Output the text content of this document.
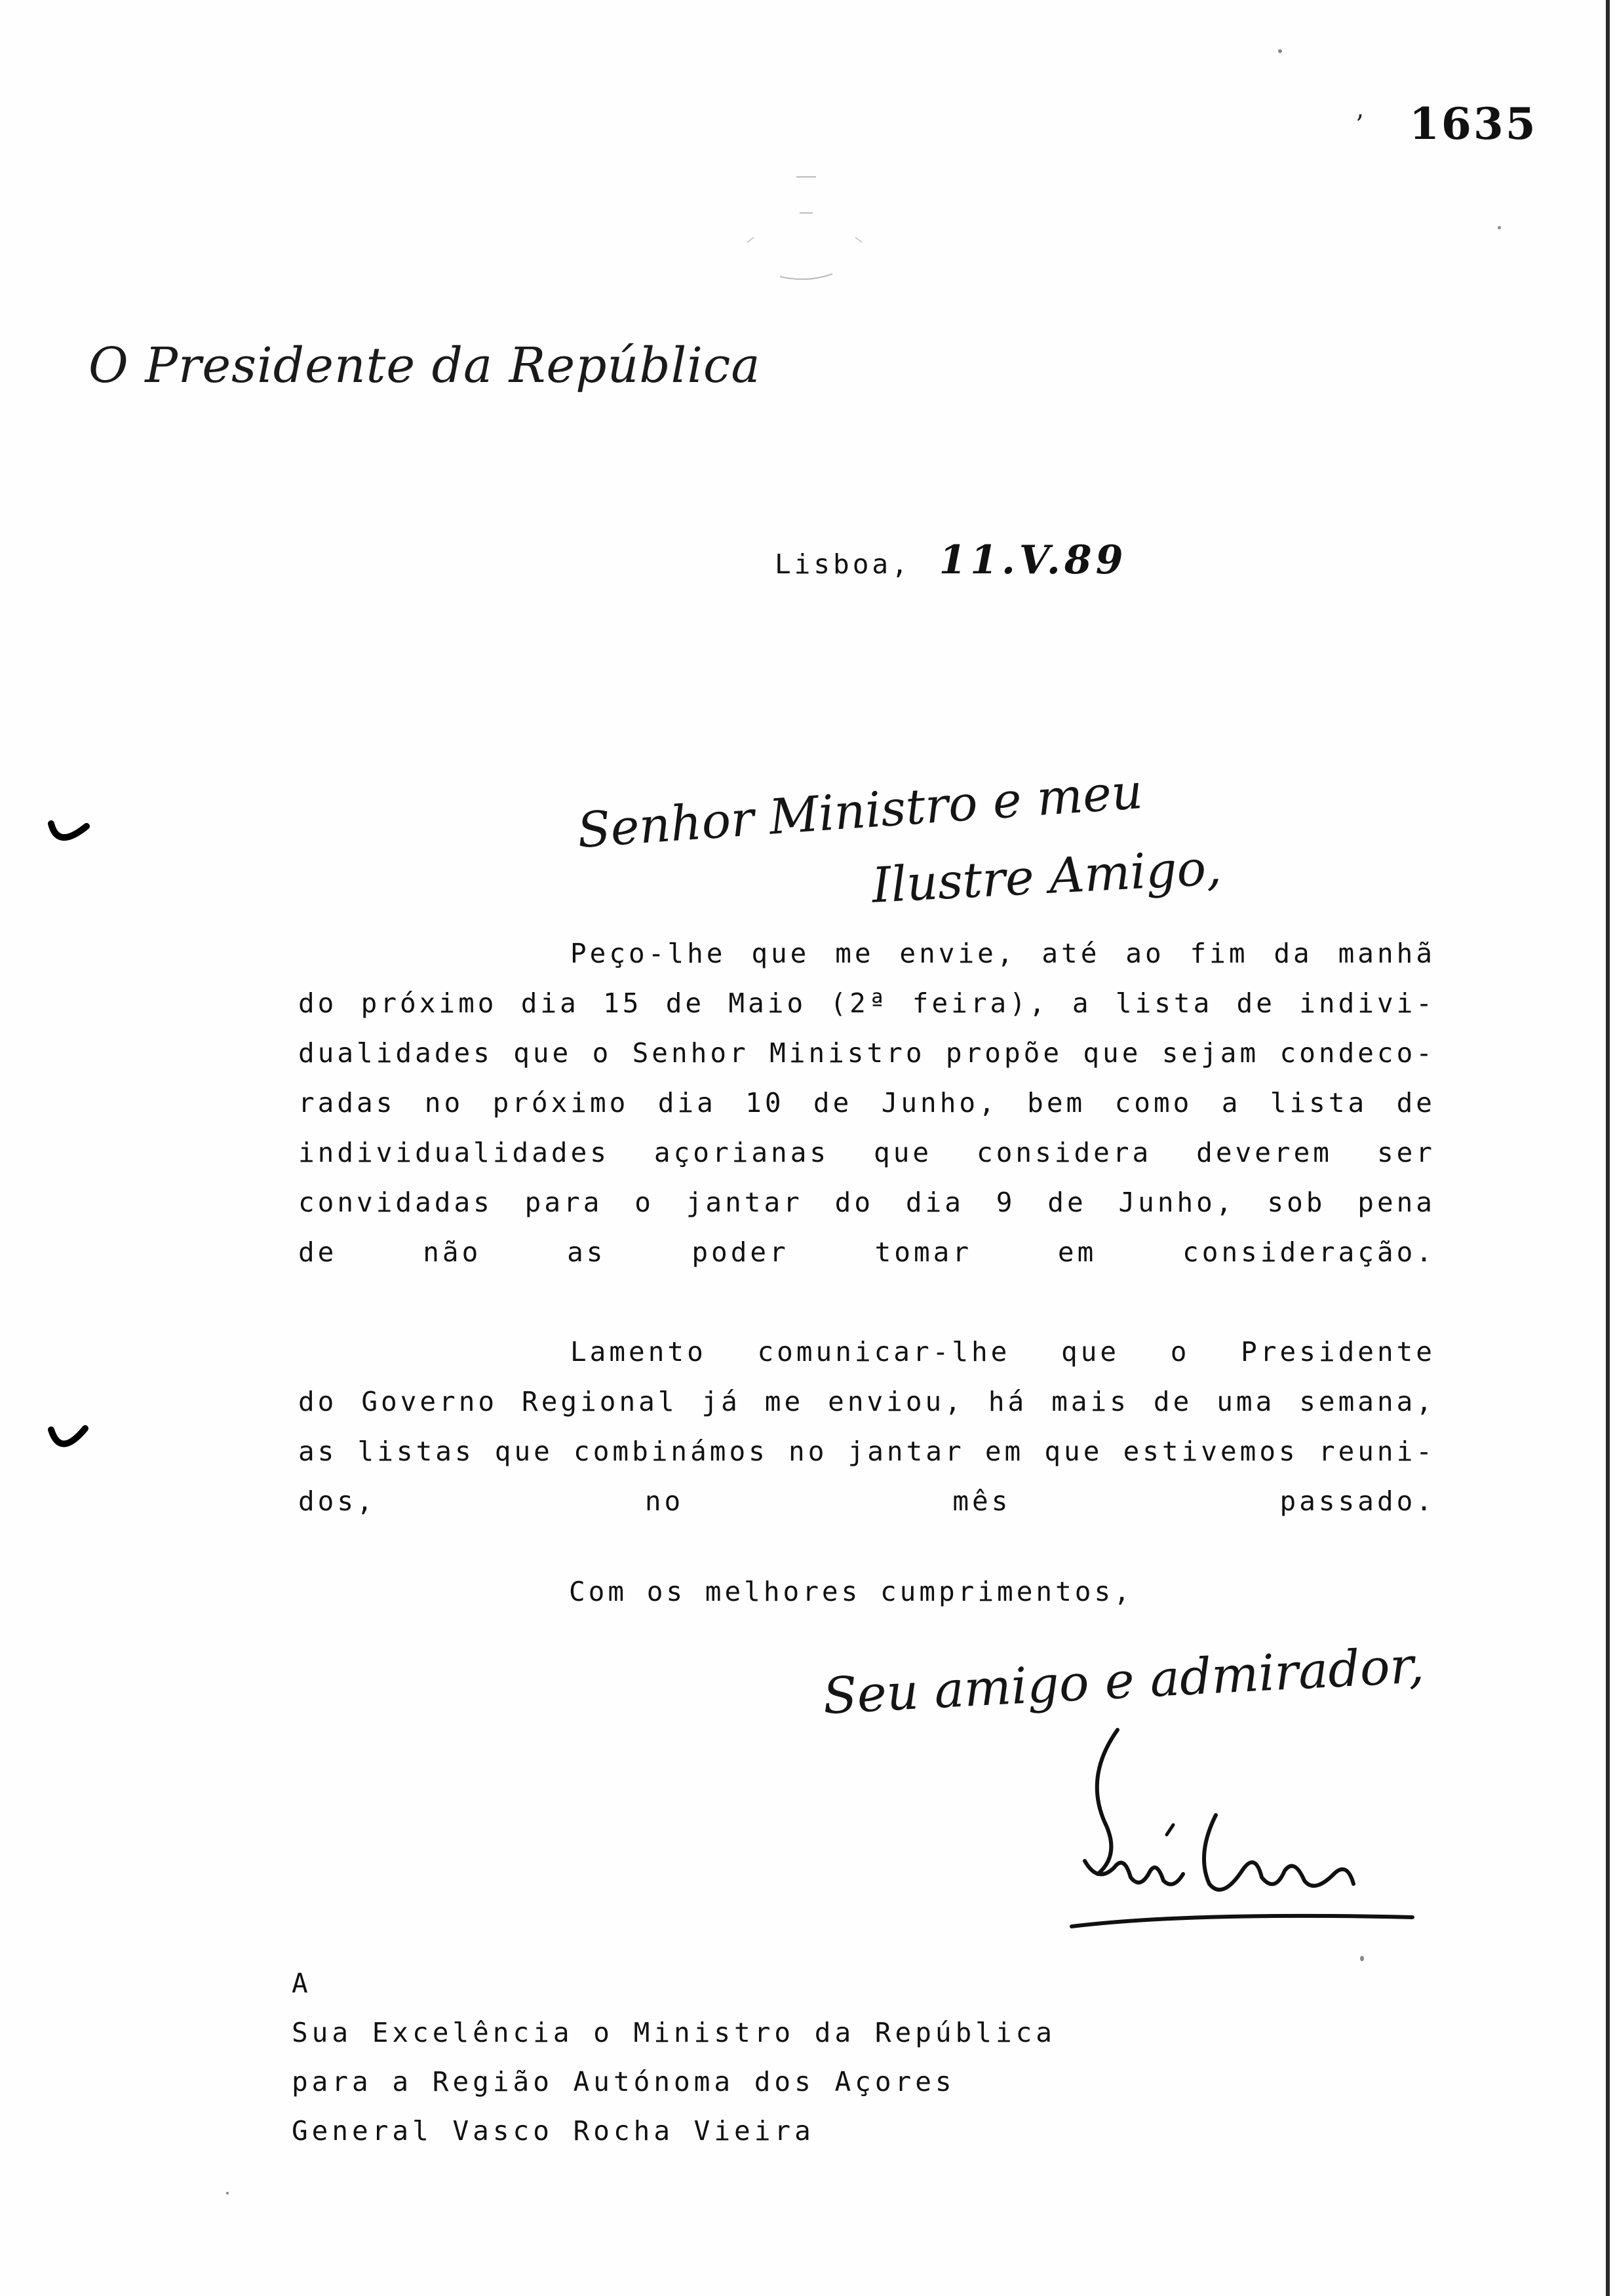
’ 1635
O Presidente da República
Lisboa, 11.V.89
Senhor Ministro e meu
Ilustre Amigo,
Peço-lhe que me envie, até ao fim da manhã
do próximo dia 15 de Maio (2ª feira), a lista de indivi-
dualidades que o Senhor Ministro propõe que sejam condeco-
radas no próximo dia 10 de Junho, bem como a lista de
individualidades açorianas que considera deverem ser
convidadas para o jantar do dia 9 de Junho, sob pena
de não as poder tomar em consideração.
Lamento comunicar-lhe que o Presidente
do Governo Regional já me enviou, há mais de uma semana,
as listas que combinámos no jantar em que estivemos reuni-
dos, no mês passado.
Com os melhores cumprimentos,
Seu amigo e admirador,
A
Sua Excelência o Ministro da República
para a Região Autónoma dos Açores
General Vasco Rocha Vieira
